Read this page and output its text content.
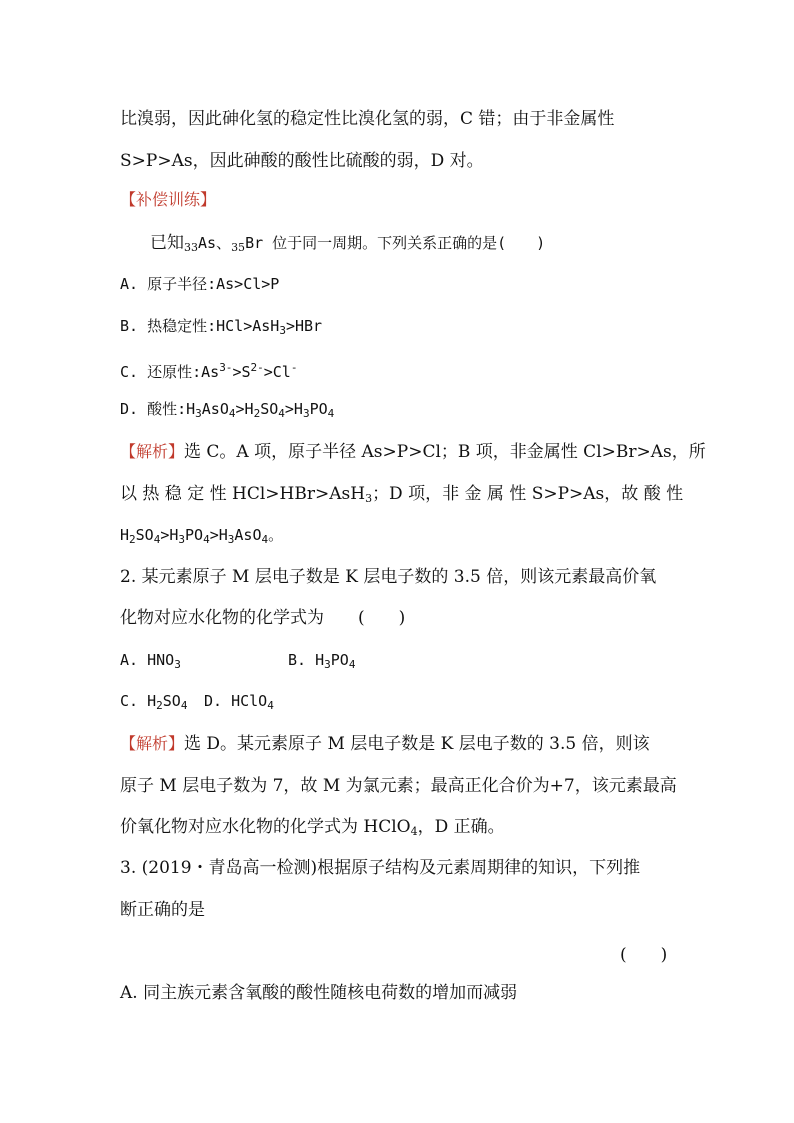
比溴弱，因此砷化氢的稳定性比溴化氢的弱，C 错；由于非金属性
S>P>As，因此砷酸的酸性比硫酸的弱，D 对。
【补偿训练】
已知$_{33}$As、$_{35}$Br 位于同一周期。下列关系正确的是(　　)
A. 原子半径:As>Cl>P
B. 热稳定性:HCl>AsH$_3$>HBr
C. 还原性$:As^{3-}>S^{2-}>Cl^-$
D. 酸性$:H_3AsO_4>H_2SO_4>H_3PO_4$
【解析】选 C。A 项，原子半径 As>P>Cl；B 项，非金属性 Cl>Br>As，所
以 热 稳 定 性 HCl>HBr>AsH$_3$；D 项，非 金 属 性 S>P>As，故 酸 性
$H_2SO_4>H_3PO_4>H_3AsO_4$。
2. 某元素原子 M 层电子数是 K 层电子数的 3.5 倍，则该元素最高价氧
化物对应水化物的化学式为　　(　　)
A. $HNO_3$	B. $H_3PO_4$
C. $H_2SO_4$ D. HClO$_4$
【解析】选 D。某元素原子 M 层电子数是 K 层电子数的 3.5 倍，则该
原子 M 层电子数为 7，故 M 为氯元素；最高正化合价为+7，该元素最高
价氧化物对应水化物的化学式为 HClO$_4$，D 正确。
3. (2019・青岛高一检测)根据原子结构及元素周期律的知识，下列推
断正确的是
(　　)
A. 同主族元素含氧酸的酸性随核电荷数的增加而减弱
